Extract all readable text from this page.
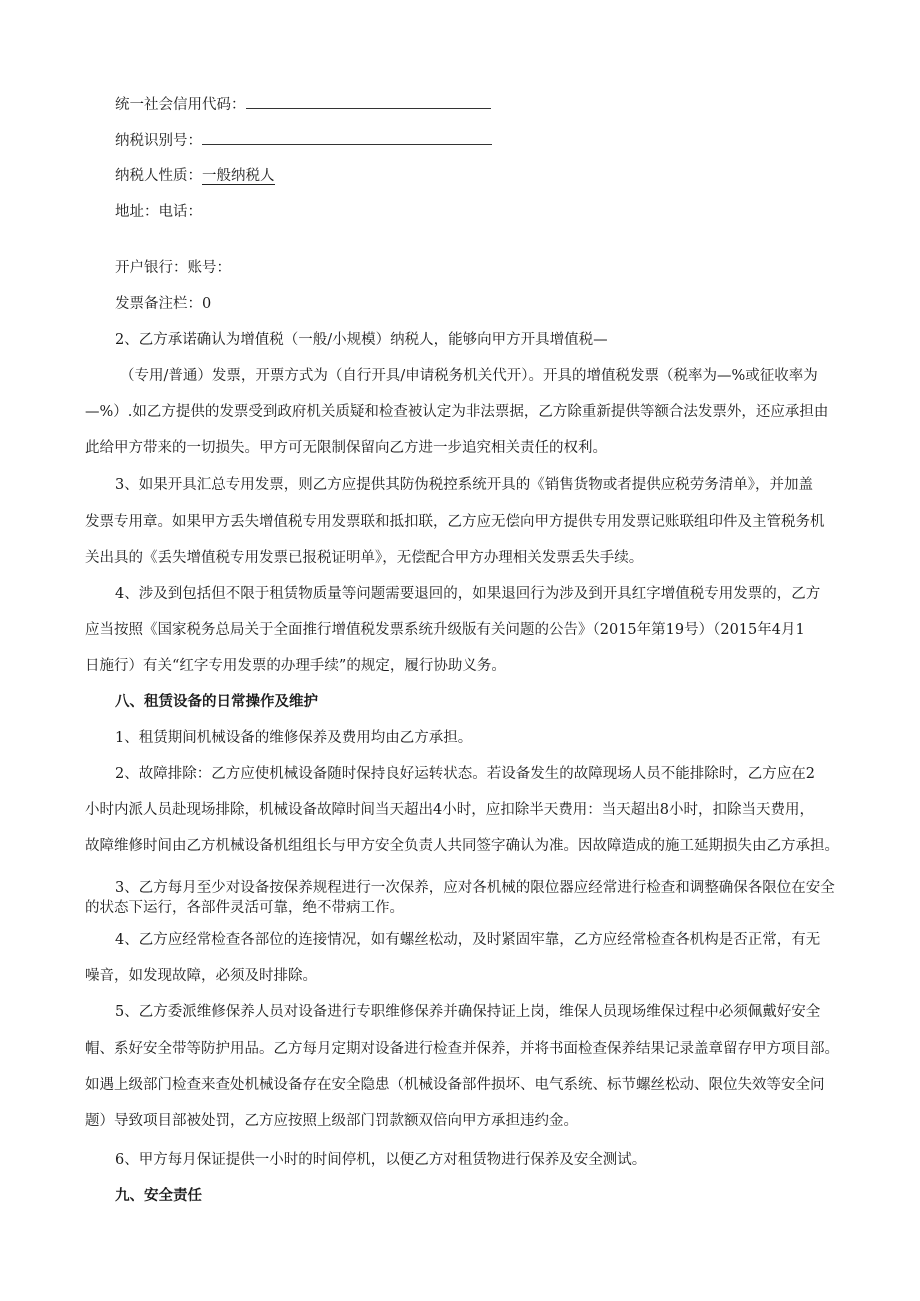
统一社会信用代码：
纳税识别号：
纳税人性质：一般纳税人
地址：电话：
开户银行：账号：
发票备注栏：0
2、乙方承诺确认为增值税（一般/小规模）纳税人，能够向甲方开具增值税—
（专用/普通）发票，开票方式为（自行开具/申请税务机关代开）。开具的增值税发票（税率为—%或征收率为
—%）.如乙方提供的发票受到政府机关质疑和检查被认定为非法票据，乙方除重新提供等额合法发票外，还应承担由
此给甲方带来的一切损失。甲方可无限制保留向乙方进一步追究相关责任的权利。
3、如果开具汇总专用发票，则乙方应提供其防伪税控系统开具的《销售货物或者提供应税劳务清单》，并加盖
发票专用章。如果甲方丢失增值税专用发票联和抵扣联，乙方应无偿向甲方提供专用发票记账联组印件及主管税务机
关出具的《丢失增值税专用发票已报税证明单》，无偿配合甲方办理相关发票丢失手续。
4、涉及到包括但不限于租赁物质量等问题需要退回的，如果退回行为涉及到开具红字增值税专用发票的，乙方
应当按照《国家税务总局关于全面推行增值税发票系统升级版有关问题的公告》（2015年第19号）（2015年4月1
日施行）有关“红字专用发票的办理手续”的规定，履行协助义务。
八、租赁设备的日常操作及维护
1、租赁期间机械设备的维修保养及费用均由乙方承担。
2、故障排除：乙方应使机械设备随时保持良好运转状态。若设备发生的故障现场人员不能排除时，乙方应在2
小时内派人员赴现场排除，机械设备故障时间当天超出4小时，应扣除半天费用：当天超出8小时，扣除当天费用，
故障维修时间由乙方机械设备机组组长与甲方安全负责人共同签字确认为准。因故障造成的施工延期损失由乙方承担。
3、乙方每月至少对设备按保养规程进行一次保养，应对各机械的限位器应经常进行检查和调整确保各限位在安全
的状态下运行，各部件灵活可靠，绝不带病工作。
4、乙方应经常检查各部位的连接情况，如有螺丝松动，及时紧固牢靠，乙方应经常检查各机构是否正常，有无
噪音，如发现故障，必须及时排除。
5、乙方委派维修保养人员对设备进行专职维修保养并确保持证上岗，维保人员现场维保过程中必须佩戴好安全
帽、系好安全带等防护用品。乙方每月定期对设备进行检查并保养，并将书面检查保养结果记录盖章留存甲方项目部。
如遇上级部门检查来查处机械设备存在安全隐患（机械设备部件损坏、电气系统、标节螺丝松动、限位失效等安全问
题）导致项目部被处罚，乙方应按照上级部门罚款额双倍向甲方承担违约金。
6、甲方每月保证提供一小时的时间停机，以便乙方对租赁物进行保养及安全测试。
九、安全责任
